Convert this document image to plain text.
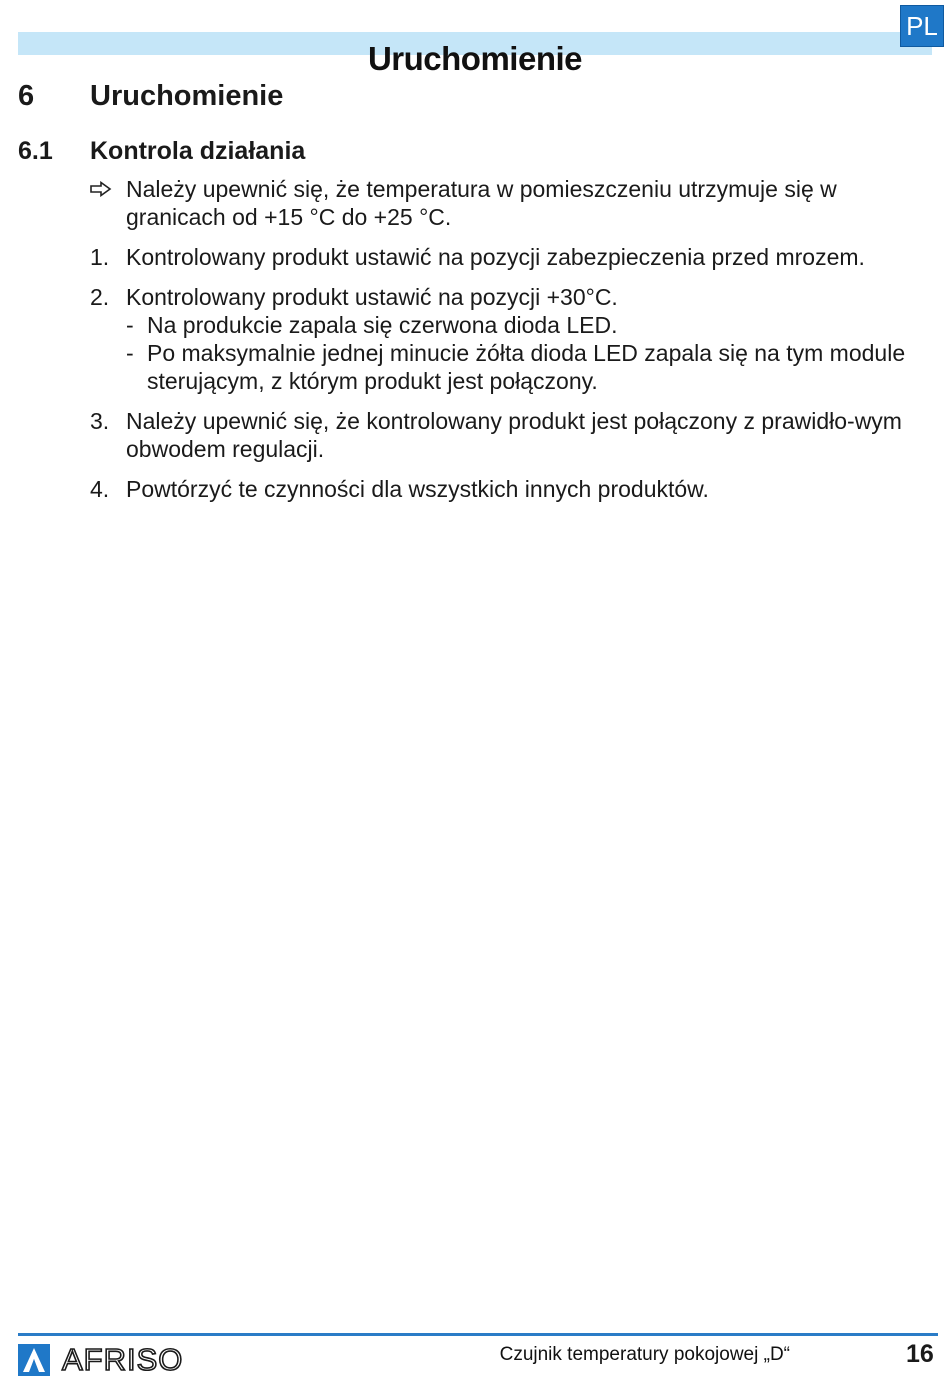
Uruchomienie
PL
6	Uruchomienie
6.1	Kontrola działania
Należy upewnić się, że temperatura w pomieszczeniu utrzymuje się w granicach od +15 °C do +25 °C.
1. Kontrolowany produkt ustawić na pozycji zabezpieczenia przed mrozem.
2. Kontrolowany produkt ustawić na pozycji +30°C.
- Na produkcie zapala się czerwona dioda LED.
- Po maksymalnie jednej minucie żółta dioda LED zapala się na tym module sterującym, z którym produkt jest połączony.
3. Należy upewnić się, że kontrolowany produkt jest połączony z prawidło-wym obwodem regulacji.
4. Powtórzyć te czynności dla wszystkich innych produktów.
AFRISO	Czujnik temperatury pokojowej „D“	16
